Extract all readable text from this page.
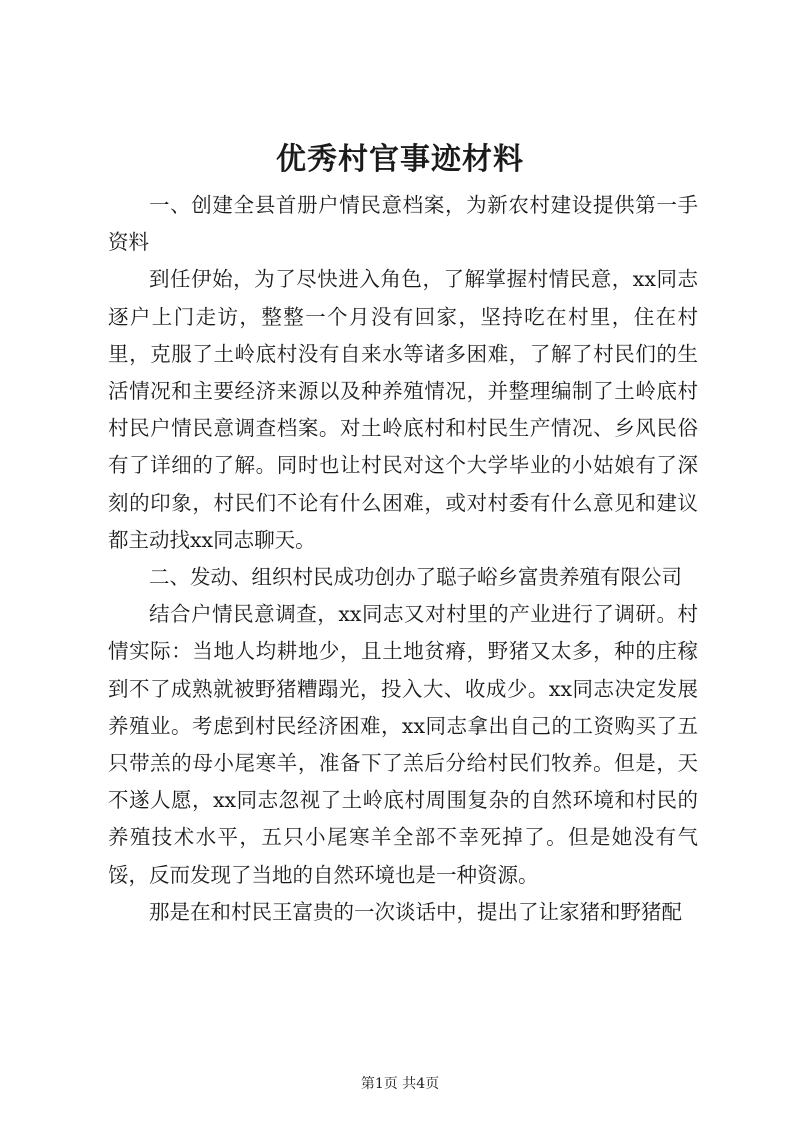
优秀村官事迹材料

一、创建全县首册户情民意档案，为新农村建设提供第一手资料

到任伊始，为了尽快进入角色，了解掌握村情民意，xx同志逐户上门走访，整整一个月没有回家，坚持吃在村里，住在村里，克服了土岭底村没有自来水等诸多困难，了解了村民们的生活情况和主要经济来源以及种养殖情况，并整理编制了土岭底村村民户情民意调查档案。对土岭底村和村民生产情况、乡风民俗有了详细的了解。同时也让村民对这个大学毕业的小姑娘有了深刻的印象，村民们不论有什么困难，或对村委有什么意见和建议都主动找xx同志聊天。

二、发动、组织村民成功创办了聪子峪乡富贵养殖有限公司

结合户情民意调查，xx同志又对村里的产业进行了调研。村情实际：当地人均耕地少，且土地贫瘠，野猪又太多，种的庄稼到不了成熟就被野猪糟蹋光，投入大、收成少。xx同志决定发展养殖业。考虑到村民经济困难，xx同志拿出自己的工资购买了五只带羔的母小尾寒羊，准备下了羔后分给村民们牧养。但是，天不遂人愿，xx同志忽视了土岭底村周围复杂的自然环境和村民的养殖技术水平，五只小尾寒羊全部不幸死掉了。但是她没有气馁，反而发现了当地的自然环境也是一种资源。

那是在和村民王富贵的一次谈话中，提出了让家猪和野猪配

第1页 共4页
